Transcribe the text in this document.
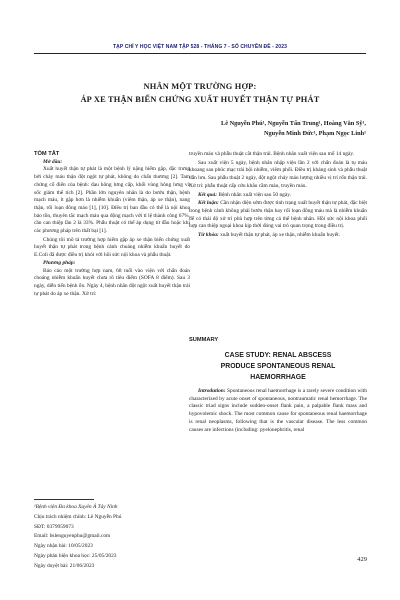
TẠP CHÍ Y HỌC VIỆT NAM TẬP 528 - THÁNG 7 - SỐ CHUYÊN ĐỀ - 2023
NHÂN MỘT TRƯỜNG HỢP:
ÁP XE THẬN BIẾN CHỨNG XUẤT HUYẾT THẬN TỰ PHÁT
Lê Nguyễn Phú¹, Nguyễn Tấn Trung¹, Hoàng Văn Sỹ¹,
Nguyễn Minh Đức¹, Phạm Ngọc Linh¹

TÓM TẮT

Mở đầu:

Xuất huyết thận tự phát là một bệnh lý nặng hiếm gặp, đặc trưng bởi chảy máu thận đột ngột tự phát, không do chấn thương [2]. Tam chứng cổ điển của bệnh: đau hông lưng cấp, khối vùng hông lưng và sốc giảm thể tích [2]. Phần lớn nguyên nhân là do bướu thận, bệnh mạch máu, ít gặp hơn là nhiễm khuẩn (viêm thận, áp xe thận), nang thận, rối loạn đông máu [1], [10]. Điều trị ban đầu có thể là nội khoa bảo tồn, thuyên tắc mạch máu qua động mạch với tỉ lệ thành công 67%, cần can thiệp lần 2 là 33%. Phẫu thuật có thể áp dụng từ đầu hoặc khi các phương pháp trên thất bại [1].

Chúng tôi mô tả trường hợp hiếm gặp áp xe thận biến chứng xuất huyết thận tự phát trong bệnh cảnh choáng nhiễm khuẩn huyết do E.Coli đã được điều trị khỏi với hồi sức nội khoa và phẫu thuật.

Phương pháp:

Báo cáo một trường hợp nam, 68 tuổi vào viện với chẩn đoán choáng nhiễm khuẩn huyết chưa rõ tiêu điểm (SOFA 8 điểm). Sau 3 ngày, diễn tiến bệnh ổn. Ngày 4, bệnh nhân đột ngột xuất huyết thận trái tự phát do áp xe thận. Xử trí:

¹Bệnh viện Đa khoa Xuyên Á Tây Ninh
Chịu trách nhiệm chính: Lê Nguyễn Phú
SĐT: 0379959073
Email: bslenguyenphu@gmail.com
Ngày nhận bài: 10/05/2023
Ngày phản biện khoa học: 25/05/2023
Ngày duyệt bài: 21/06/2023

truyền máu và phẫu thuật cắt thận trái. Bệnh nhân xuất viện sau mổ 14 ngày.

Sau xuất viện 5 ngày, bệnh nhân nhập viện lần 2 với chẩn đoán là tụ máu khoang sau phúc mạc trái bội nhiễm, viêm phổi. Điều trị kháng sinh và phẫu thuật dẫn lưu. Sau phẫu thuật 2 ngày, đột ngột chảy máu lượng nhiều vị trí rốn thận trái. Xử trí: phẫu thuật cấp cứu khâu cầm máu, truyền máu.

Kết quả: Bệnh nhân xuất viện sau 50 ngày.

Kết luận: Cần nhận diện sớm được tình trạng xuất huyết thận tự phát, đặc biệt trong bệnh cảnh không phải bướu thận hay rối loạn đông máu mà là nhiễm khuẩn để có thái độ xử trí phù hợp trên từng cá thể bệnh nhân. Hồi sức nội khoa phối hợp can thiệp ngoại khoa kịp thời đóng vai trò quan trọng trong điều trị.

Từ khóa: xuất huyết thận tự phát, áp xe thận, nhiễm khuẩn huyết.

SUMMARY
CASE STUDY: RENAL ABSCESS
PRODUCE SPONTANEOUS RENAL
HAEMORRHAGE

Introdution: Spontaneous renal haemorrhage is a rarely severe condition with characterized by acute onset of spontaneous, nontraumatic renal hemorrhage. The classic triad signs include sudden-onset flank pain, a palpable flank mass and hypovolemic shock. The most common cause for spontaneous renal haemorrhage is renal neoplasms, following that is the vascular disease. The less common causes are infections (including: pyelonephritis, renal

429
